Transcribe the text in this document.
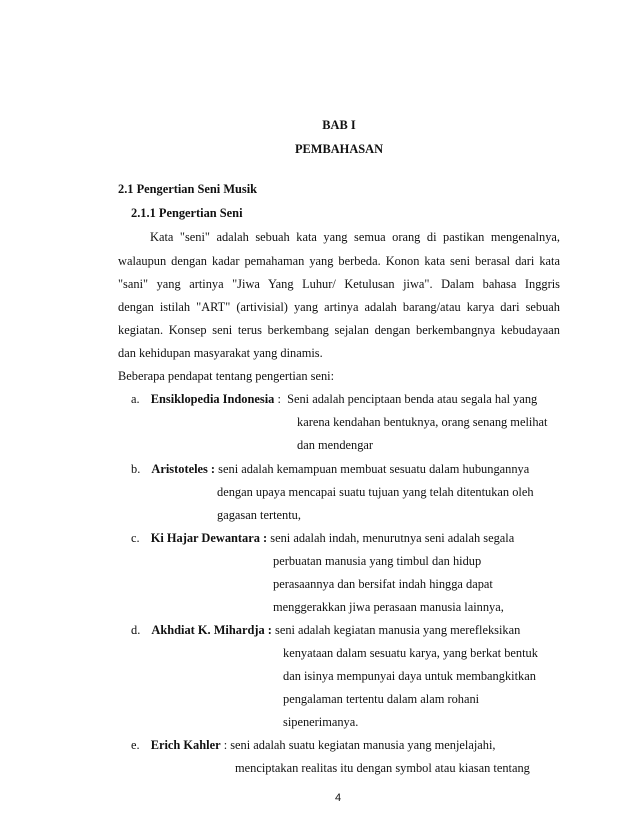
BAB I
PEMBAHASAN
2.1 Pengertian Seni Musik
2.1.1 Pengertian Seni
Kata "seni" adalah sebuah kata yang semua orang di pastikan mengenalnya,
walaupun dengan kadar pemahaman yang berbeda. Konon kata seni berasal dari kata
"sani" yang artinya "Jiwa Yang Luhur/ Ketulusan jiwa". Dalam bahasa Inggris
dengan istilah "ART" (artivisial) yang artinya adalah barang/atau karya dari sebuah
kegiatan. Konsep seni terus berkembang sejalan dengan berkembangnya kebudayaan
dan kehidupan masyarakat yang dinamis.
Beberapa pendapat tentang pengertian seni:
a. Ensiklopedia Indonesia :  Seni adalah penciptaan benda atau segala hal yang
karena kendahan bentuknya, orang senang melihat
dan mendengar
b. Aristoteles : seni adalah kemampuan membuat sesuatu dalam hubungannya
dengan upaya mencapai suatu tujuan yang telah ditentukan oleh
gagasan tertentu,
c. Ki Hajar Dewantara : seni adalah indah, menurutnya seni adalah segala
perbuatan manusia yang timbul dan hidup
perasaannya dan bersifat indah hingga dapat
menggerakkan jiwa perasaan manusia lainnya,
d. Akhdiat K. Mihardja : seni adalah kegiatan manusia yang merefleksikan
kenyataan dalam sesuatu karya, yang berkat bentuk
dan isinya mempunyai daya untuk membangkitkan
pengalaman tertentu dalam alam rohani
sipenerimanya.
e. Erich Kahler : seni adalah suatu kegiatan manusia yang menjelajahi,
menciptakan realitas itu dengan symbol atau kiasan tentang
4
